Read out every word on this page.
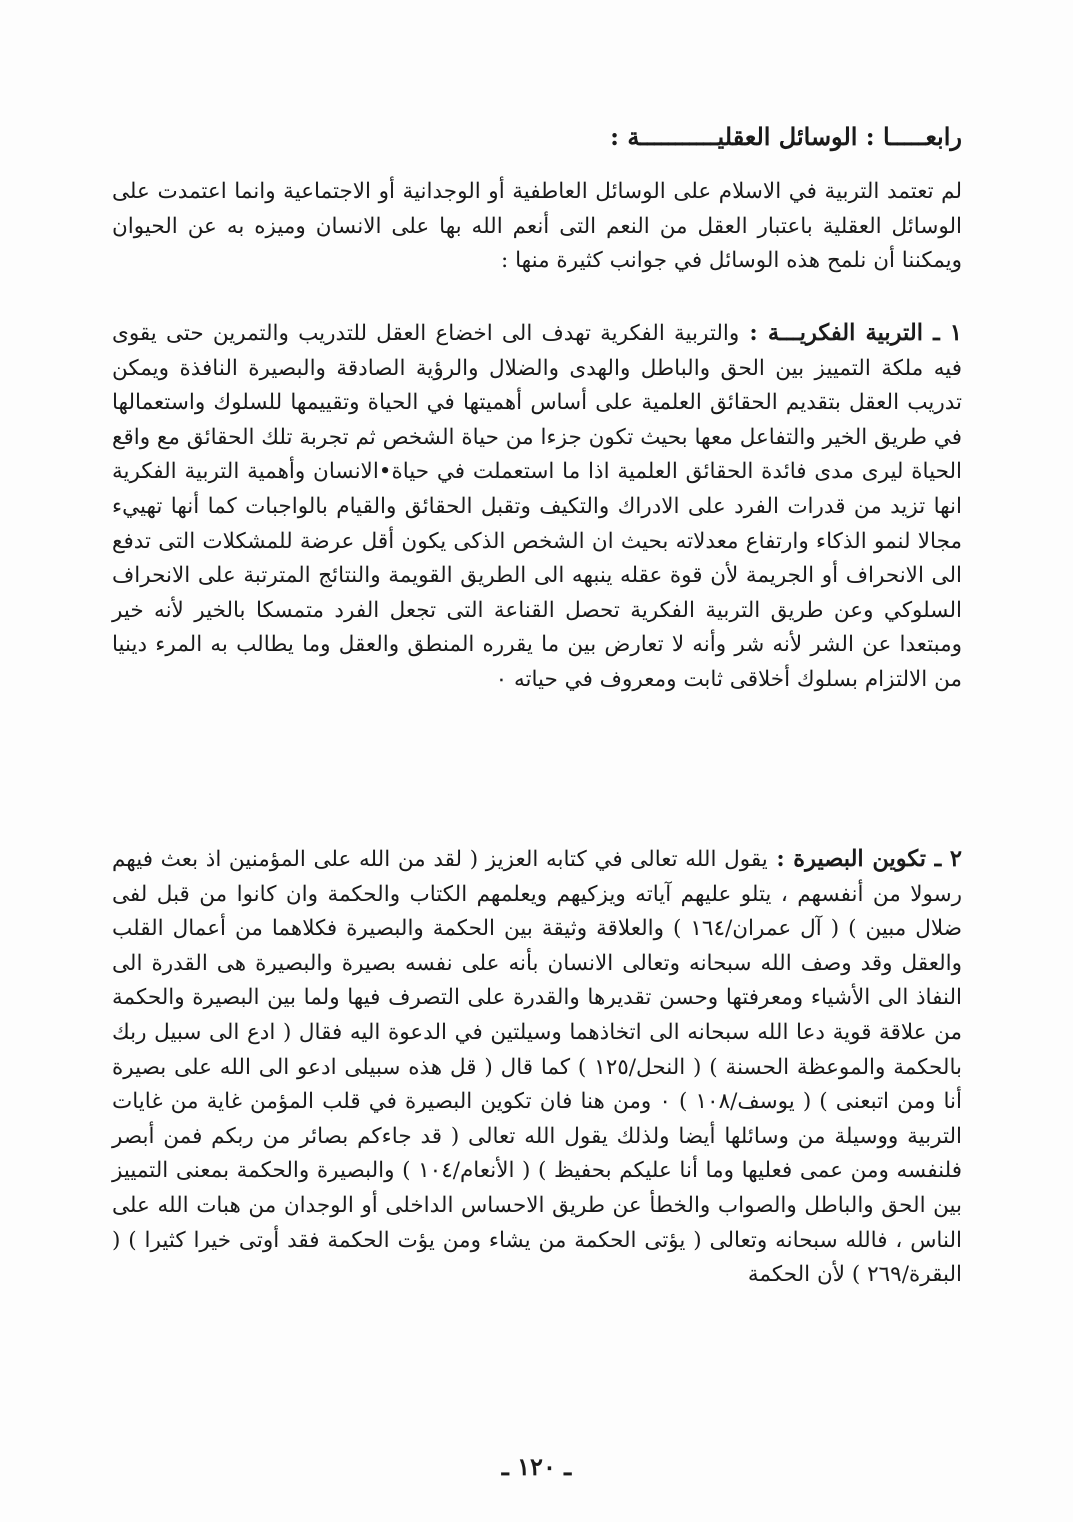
رابعـــــا : الوسائل العقليـــــــــــة :

لم تعتمد التربية في الاسلام على الوسائل العاطفية أو الوجدانية أو الاجتماعية وانما اعتمدت على الوسائل العقلية باعتبار العقل من النعم التى أنعم الله بها على الانسان وميزه به عن الحيوان ويمكننا أن نلمح هذه الوسائل في جوانب كثيرة منها :

١ ـ التربية الفكريـــة : والتربية الفكرية تهدف الى اخضاع العقل للتدريب والتمرين حتى يقوى فيه ملكة التمييز بين الحق والباطل والهدى والضلال والرؤية الصادقة والبصيرة النافذة ويمكن تدريب العقل بتقديم الحقائق العلمية على أساس أهميتها في الحياة وتقييمها للسلوك واستعمالها في طريق الخير والتفاعل معها بحيث تكون جزءا من حياة الشخص ثم تجربة تلك الحقائق مع واقع الحياة ليرى مدى فائدة الحقائق العلمية اذا ما استعملت في حياة•الانسان وأهمية التربية الفكرية انها تزيد من قدرات الفرد على الادراك والتكيف وتقبل الحقائق والقيام بالواجبات كما أنها تهييء مجالا لنمو الذكاء وارتفاع معدلاته بحيث ان الشخص الذكى يكون أقل عرضة للمشكلات التى تدفع الى الانحراف أو الجريمة لأن قوة عقله ينبهه الى الطريق القويمة والنتائج المترتبة على الانحراف السلوكي وعن طريق التربية الفكرية تحصل القناعة التى تجعل الفرد متمسكا بالخير لأنه خير ومبتعدا عن الشر لأنه شر وأنه لا تعارض بين ما يقرره المنطق والعقل وما يطالب به المرء دينيا من الالتزام بسلوك أخلاقى ثابت ومعروف في حياته ٠

٢ ـ تكوين البصيرة : يقول الله تعالى في كتابه العزيز ( لقد من الله على المؤمنين اذ بعث فيهم رسولا من أنفسهم ، يتلو عليهم آياته ويزكيهم ويعلمهم الكتاب والحكمة وان كانوا من قبل لفى ضلال مبين ) ( آل عمران/١٦٤ ) والعلاقة وثيقة بين الحكمة والبصيرة فكلاهما من أعمال القلب والعقل وقد وصف الله سبحانه وتعالى الانسان بأنه على نفسه بصيرة والبصيرة هى القدرة الى النفاذ الى الأشياء ومعرفتها وحسن تقديرها والقدرة على التصرف فيها ولما بين البصيرة والحكمة من علاقة قوية دعا الله سبحانه الى اتخاذهما وسيلتين في الدعوة اليه فقال ( ادع الى سبيل ربك بالحكمة والموعظة الحسنة ) ( النحل/١٢٥ ) كما قال ( قل هذه سبيلى ادعو الى الله على بصيرة أنا ومن اتبعنى ) ( يوسف/١٠٨ ) ٠ ومن هنا فان تكوين البصيرة في قلب المؤمن غاية من غايات التربية ووسيلة من وسائلها أيضا ولذلك يقول الله تعالى ( قد جاءكم بصائر من ربكم فمن أبصر فلنفسه ومن عمى فعليها وما أنا عليكم بحفيظ ) ( الأنعام/١٠٤ ) والبصيرة والحكمة بمعنى التمييز بين الحق والباطل والصواب والخطأ عن طريق الاحساس الداخلى أو الوجدان من هبات الله على الناس ، فالله سبحانه وتعالى ( يؤتى الحكمة من يشاء ومن يؤت الحكمة فقد أوتى خيرا كثيرا ) ( البقرة/٢٦٩ ) لأن الحكمة

ـ ١٢٠ ـ
